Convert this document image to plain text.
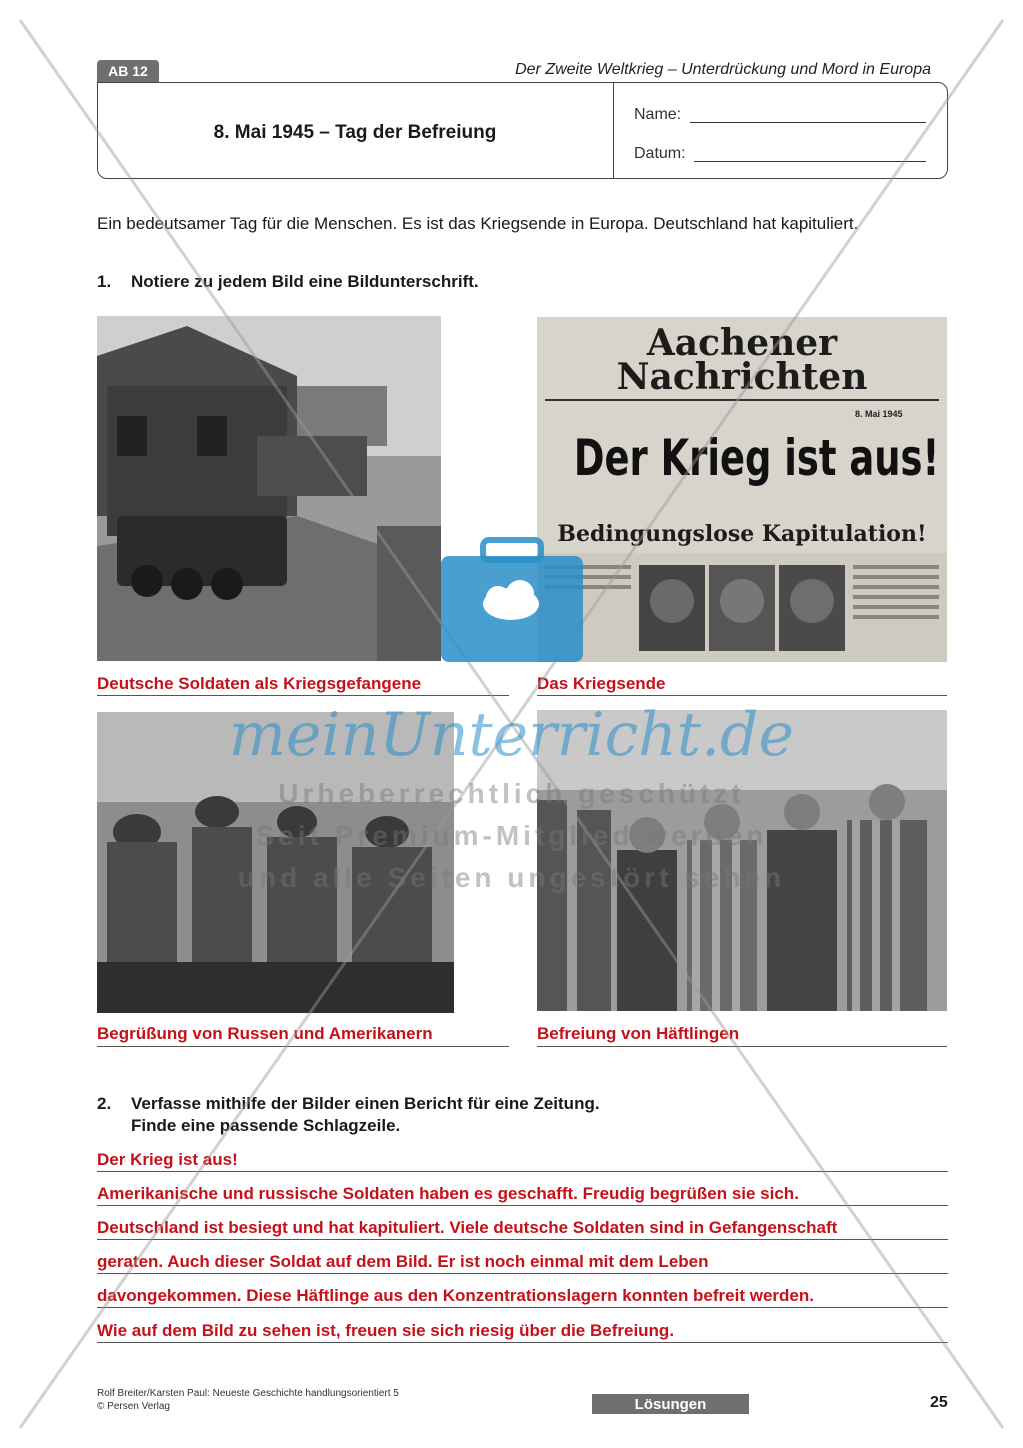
AB 12	Der Zweite Weltkrieg – Unterdrückung und Mord in Europa
8. Mai 1945 – Tag der Befreiung
Name:
Datum:
Ein bedeutsamer Tag für die Menschen. Es ist das Kriegsende in Europa. Deutschland hat kapituliert.
1. Notiere zu jedem Bild eine Bildunterschrift.
Aachener
Nachrichten
8. Mai 1945
Der Krieg ist aus!
Bedingungslose Kapitulation!
Deutsche Soldaten als Kriegsgefangene	Das Kriegsende
Begrüßung von Russen und Amerikanern	Befreiung von Häftlingen
2. Verfasse mithilfe der Bilder einen Bericht für eine Zeitung.
Finde eine passende Schlagzeile.
Der Krieg ist aus!
Amerikanische und russische Soldaten haben es geschafft. Freudig begrüßen sie sich.
Deutschland ist besiegt und hat kapituliert. Viele deutsche Soldaten sind in Gefangenschaft
geraten. Auch dieser Soldat auf dem Bild. Er ist noch einmal mit dem Leben
davongekommen. Diese Häftlinge aus den Konzentrationslagern konnten befreit werden.
Wie auf dem Bild zu sehen ist, freuen sie sich riesig über die Befreiung.
meinUnterricht.de
Urheberrechtlich geschützt
Seit Premium-Mitglied werden
und alle Seiten ungestört sehen
Rolf Breiter/Karsten Paul: Neueste Geschichte handlungsorientiert 5
© Persen Verlag	Lösungen	25
